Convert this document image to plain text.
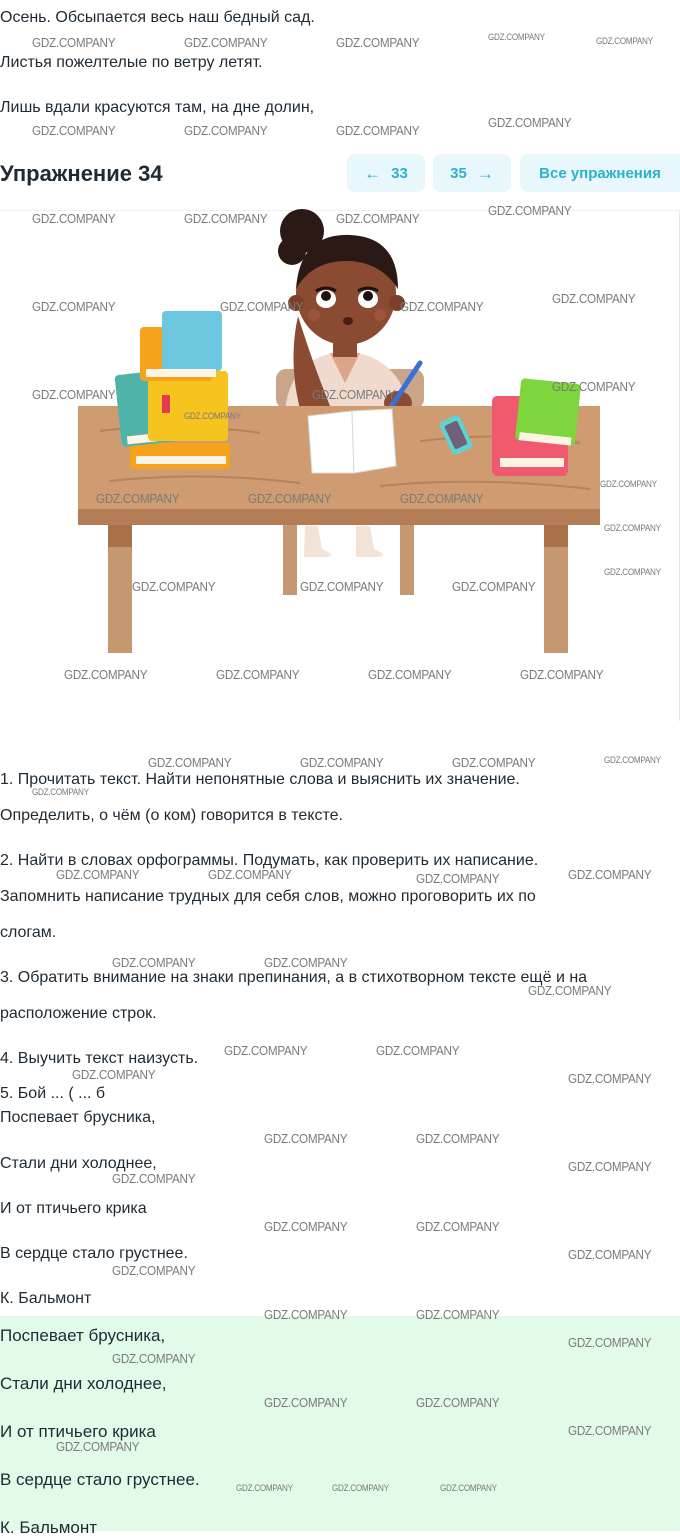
Осень. Обсыпается весь наш бедный сад.
Листья пожелтелые по ветру летят.
Лишь вдали красуются там, на дне долин,
Упражнение 34	← 33	35 →	Все упражнения
1. Прочитать текст. Найти непонятные слова и выяснить их значение.
Определить, о чём (о ком) говорится в тексте.
2. Найти в словах орфограммы. Подумать, как проверить их написание.
Запомнить написание трудных для себя слов, можно проговорить их по
слогам.
3. Обратить внимание на знаки препинания, а в стихотворном тексте ещё и на
расположение строк.
4. Выучить текст наизусть.
5. Бой ... ( ... б
Поспевает брусника,
Стали дни холоднее,
И от птичьего крика
В сердце стало грустнее.
К. Бальмонт
Поспевает брусника,
Стали дни холоднее,
И от птичьего крика
В сердце стало грустнее.
К. Бальмонт
GDZ.COMPANY	GDZ.COMPANY	GDZ.COMPANY	GDZ.COMPANY	GDZ.COMPANY
GDZ.COMPANY	GDZ.COMPANY	GDZ.COMPANY
GDZ.COMPANY
GDZ.COMPANY	GDZ.COMPANY	GDZ.COMPANY
GDZ.COMPANY
GDZ.COMPANY	GDZ.COMPANY	GDZ.COMPANY
GDZ.COMPANY
GDZ.COMPANY	GDZ.COMPANY
GDZ.COMPANY
GDZ.COMPANY
GDZ.COMPANY	GDZ.COMPANY	GDZ.COMPANY
GDZ.COMPANY
GDZ.COMPANY
GDZ.COMPANY
GDZ.COMPANY	GDZ.COMPANY	GDZ.COMPANY
GDZ.COMPANY	GDZ.COMPANY	GDZ.COMPANY	GDZ.COMPANY
GDZ.COMPANY	GDZ.COMPANY	GDZ.COMPANY	GDZ.COMPANY
GDZ.COMPANY
GDZ.COMPANY	GDZ.COMPANY	GDZ.COMPANY	GDZ.COMPANY
GDZ.COMPANY	GDZ.COMPANY
GDZ.COMPANY
GDZ.COMPANY	GDZ.COMPANY
GDZ.COMPANY	GDZ.COMPANY
GDZ.COMPANY	GDZ.COMPANY
GDZ.COMPANY
GDZ.COMPANY
GDZ.COMPANY	GDZ.COMPANY
GDZ.COMPANY
GDZ.COMPANY
GDZ.COMPANY	GDZ.COMPANY
GDZ.COMPANY
GDZ.COMPANY
GDZ.COMPANY	GDZ.COMPANY
GDZ.COMPANY
GDZ.COMPANY
GDZ.COMPANY	GDZ.COMPANY	GDZ.COMPANY
